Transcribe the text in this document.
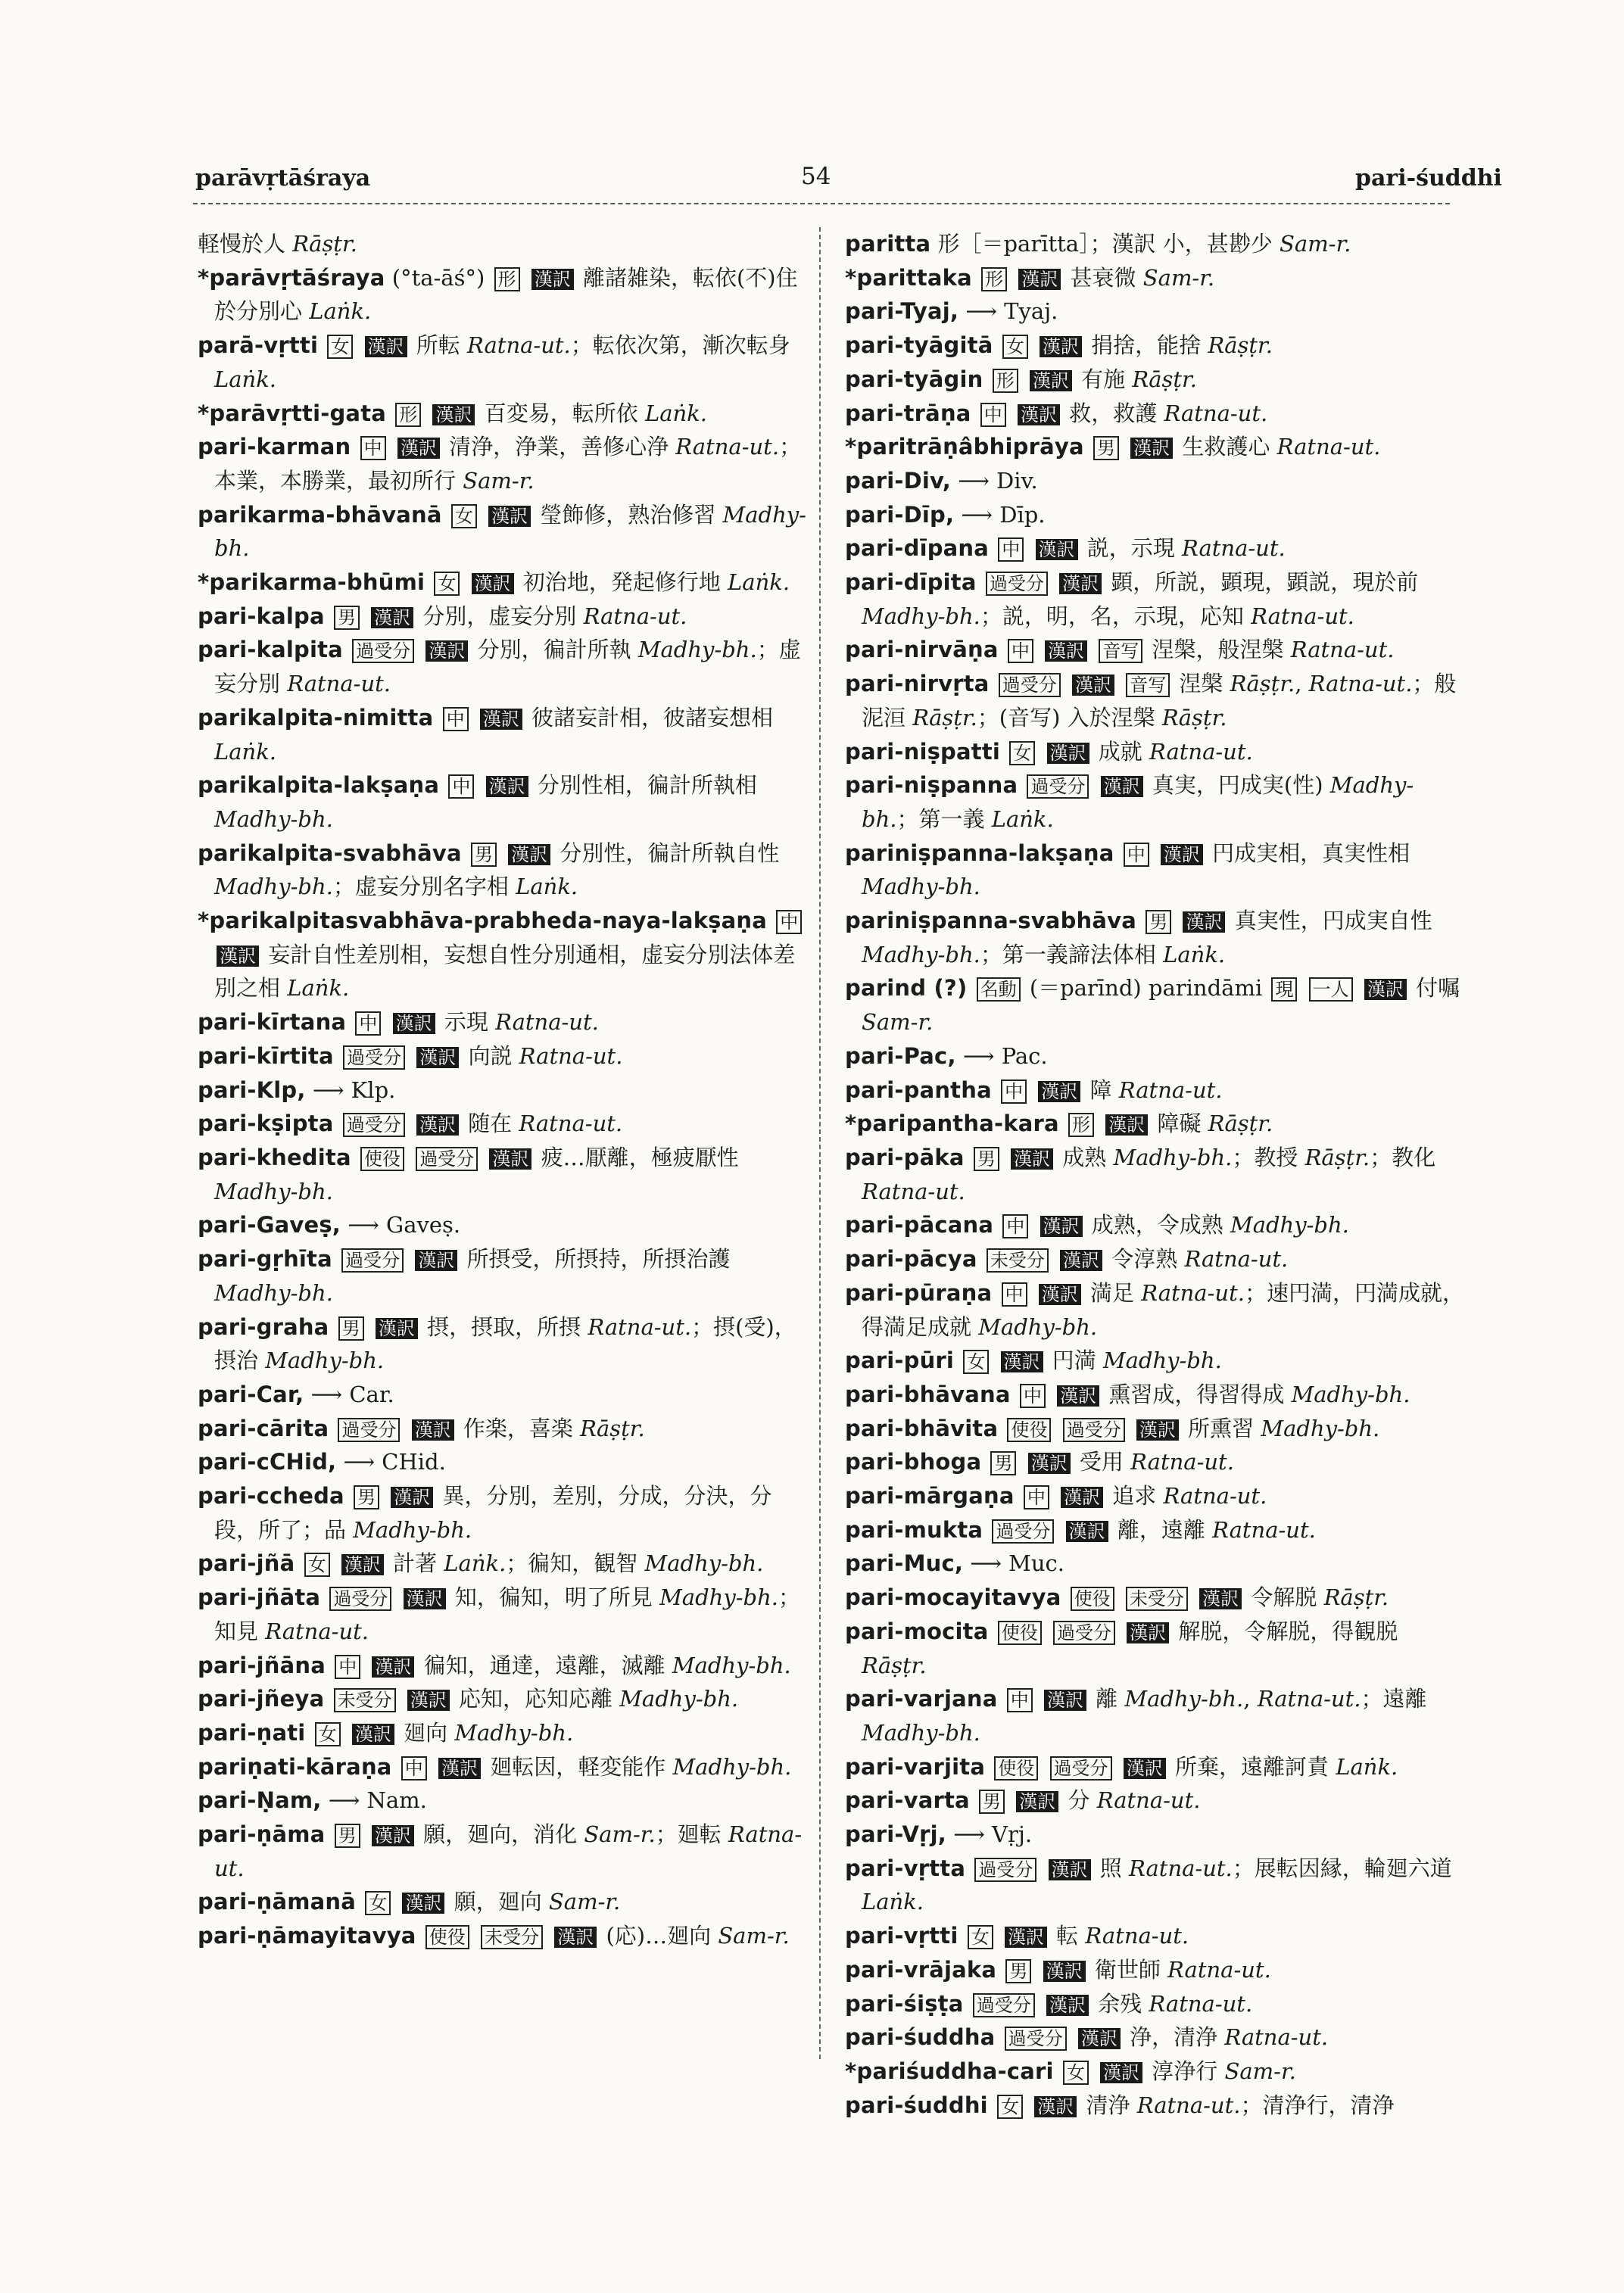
parāvṛtāśraya	54	pari-śuddhi
軽慢於人 Rāṣṭr.
*parāvṛtāśraya (°ta-āś°) 形 漢訳 離諸雑染，転依(不)住於分別心 Laṅk.
parā-vṛtti 女 漢訳 所転 Ratna-ut.；転依次第，漸次転身 Laṅk.
*parāvṛtti-gata 形 漢訳 百変易，転所依 Laṅk.
pari-karman 中 漢訳 清浄，浄業，善修心浄 Ratna-ut.；本業，本勝業，最初所行 Sam-r.
parikarma-bhāvanā 女 漢訳 瑩飾修，熟治修習 Madhy-bh.
*parikarma-bhūmi 女 漢訳 初治地，発起修行地 Laṅk.
pari-kalpa 男 漢訳 分別，虚妄分別 Ratna-ut.
pari-kalpita 過受分 漢訳 分別，徧計所執 Madhy-bh.；虚妄分別 Ratna-ut.
parikalpita-nimitta 中 漢訳 彼諸妄計相，彼諸妄想相 Laṅk.
parikalpita-lakṣaṇa 中 漢訳 分別性相，徧計所執相 Madhy-bh.
parikalpita-svabhāva 男 漢訳 分別性，徧計所執自性 Madhy-bh.；虚妄分別名字相 Laṅk.
*parikalpitasvabhāva-prabheda-naya-lakṣaṇa 中 漢訳 妄計自性差別相，妄想自性分別通相，虚妄分別法体差別之相 Laṅk.
pari-kīrtana 中 漢訳 示現 Ratna-ut.
pari-kīrtita 過受分 漢訳 向説 Ratna-ut.
pari-Klp, ⟶ Klp.
pari-kṣipta 過受分 漢訳 随在 Ratna-ut.
pari-khedita 使役 過受分 漢訳 疲…厭離，極疲厭性 Madhy-bh.
pari-Gaveṣ, ⟶ Gaveṣ.
pari-gṛhīta 過受分 漢訳 所摂受，所摂持，所摂治護 Madhy-bh.
pari-graha 男 漢訳 摂，摂取，所摂 Ratna-ut.；摂(受)，摂治 Madhy-bh.
pari-Car, ⟶ Car.
pari-cārita 過受分 漢訳 作楽，喜楽 Rāṣṭr.
pari-cCHid, ⟶ CHid.
pari-ccheda 男 漢訳 異，分別，差別，分成，分決，分段，所了；品 Madhy-bh.
pari-jñā 女 漢訳 計著 Laṅk.；徧知，観智 Madhy-bh.
pari-jñāta 過受分 漢訳 知，徧知，明了所見 Madhy-bh.；知見 Ratna-ut.
pari-jñāna 中 漢訳 徧知，通達，遠離，滅離 Madhy-bh.
pari-jñeya 未受分 漢訳 応知，応知応離 Madhy-bh.
pari-ṇati 女 漢訳 廻向 Madhy-bh.
pariṇati-kāraṇa 中 漢訳 廻転因，軽変能作 Madhy-bh.
pari-Ṇam, ⟶ Nam.
pari-ṇāma 男 漢訳 願，廻向，消化 Sam-r.；廻転 Ratna-ut.
pari-ṇāmanā 女 漢訳 願，廻向 Sam-r.
pari-ṇāmayitavya 使役 未受分 漢訳 (応)…廻向 Sam-r.
paritta 形［＝parītta］；漢訳 小，甚尠少 Sam-r.
*parittaka 形 漢訳 甚衰微 Sam-r.
pari-Tyaj, ⟶ Tyaj.
pari-tyāgitā 女 漢訳 捐捨，能捨 Rāṣṭr.
pari-tyāgin 形 漢訳 有施 Rāṣṭr.
pari-trāṇa 中 漢訳 救，救護 Ratna-ut.
*paritrāṇâbhiprāya 男 漢訳 生救護心 Ratna-ut.
pari-Div, ⟶ Div.
pari-Dīp, ⟶ Dīp.
pari-dīpana 中 漢訳 説，示現 Ratna-ut.
pari-dīpita 過受分 漢訳 顕，所説，顕現，顕説，現於前 Madhy-bh.；説，明，名，示現，応知 Ratna-ut.
pari-nirvāṇa 中 漢訳 音写 涅槃，般涅槃 Ratna-ut.
pari-nirvṛta 過受分 漢訳 音写 涅槃 Rāṣṭr., Ratna-ut.；般泥洹 Rāṣṭr.；(音写) 入於涅槃 Rāṣṭr.
pari-niṣpatti 女 漢訳 成就 Ratna-ut.
pari-niṣpanna 過受分 漢訳 真実，円成実(性) Madhy-bh.；第一義 Laṅk.
pariniṣpanna-lakṣaṇa 中 漢訳 円成実相，真実性相 Madhy-bh.
pariniṣpanna-svabhāva 男 漢訳 真実性，円成実自性 Madhy-bh.；第一義諦法体相 Laṅk.
parind (?) 名動 (＝parīnd) parindāmi 現 一人 漢訳 付嘱 Sam-r.
pari-Pac, ⟶ Pac.
pari-pantha 中 漢訳 障 Ratna-ut.
*paripantha-kara 形 漢訳 障礙 Rāṣṭr.
pari-pāka 男 漢訳 成熟 Madhy-bh.；教授 Rāṣṭr.；教化 Ratna-ut.
pari-pācana 中 漢訳 成熟，令成熟 Madhy-bh.
pari-pācya 未受分 漢訳 令淳熟 Ratna-ut.
pari-pūraṇa 中 漢訳 満足 Ratna-ut.；速円満，円満成就，得満足成就 Madhy-bh.
pari-pūri 女 漢訳 円満 Madhy-bh.
pari-bhāvana 中 漢訳 熏習成，得習得成 Madhy-bh.
pari-bhāvita 使役 過受分 漢訳 所熏習 Madhy-bh.
pari-bhoga 男 漢訳 受用 Ratna-ut.
pari-mārgaṇa 中 漢訳 追求 Ratna-ut.
pari-mukta 過受分 漢訳 離，遠離 Ratna-ut.
pari-Muc, ⟶ Muc.
pari-mocayitavya 使役 未受分 漢訳 令解脱 Rāṣṭr.
pari-mocita 使役 過受分 漢訳 解脱，令解脱，得観脱 Rāṣṭr.
pari-varjana 中 漢訳 離 Madhy-bh., Ratna-ut.；遠離 Madhy-bh.
pari-varjita 使役 過受分 漢訳 所棄，遠離訶責 Laṅk.
pari-varta 男 漢訳 分 Ratna-ut.
pari-Vṛj, ⟶ Vṛj.
pari-vṛtta 過受分 漢訳 照 Ratna-ut.；展転因縁，輪廻六道 Laṅk.
pari-vṛtti 女 漢訳 転 Ratna-ut.
pari-vrājaka 男 漢訳 衛世師 Ratna-ut.
pari-śiṣṭa 過受分 漢訳 余残 Ratna-ut.
pari-śuddha 過受分 漢訳 浄，清浄 Ratna-ut.
*pariśuddha-cari 女 漢訳 淳浄行 Sam-r.
pari-śuddhi 女 漢訳 清浄 Ratna-ut.；清浄行，清浄
